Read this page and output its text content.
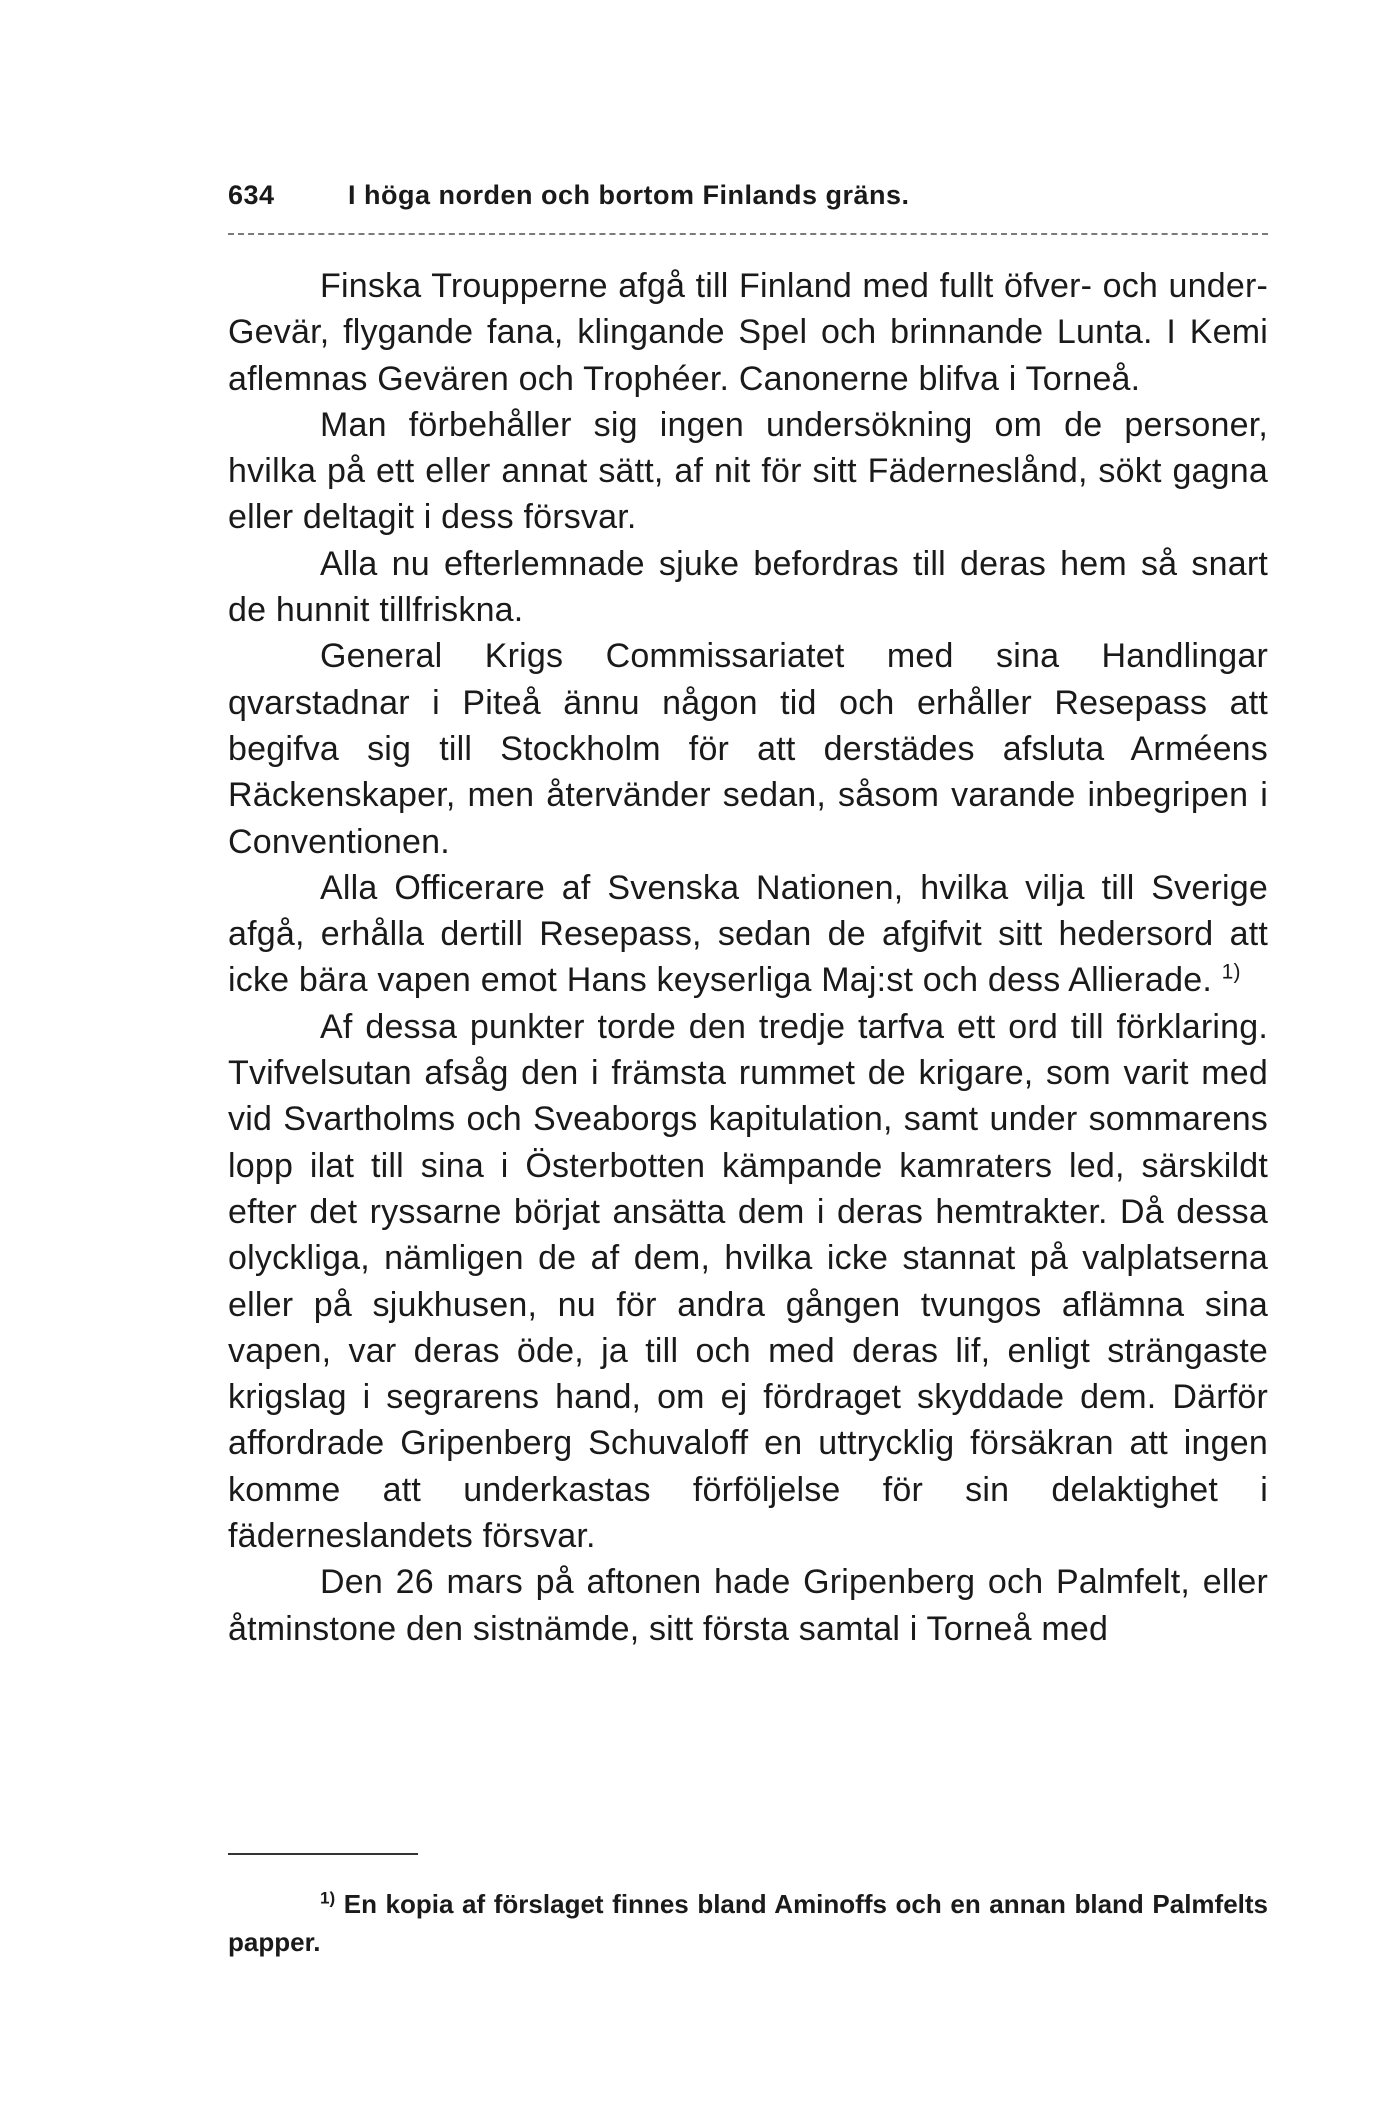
634	I höga norden och bortom Finlands gräns.

Finska Troupperne afgå till Finland med fullt öfver- och under-Gevär, flygande fana, klingande Spel och brinnande Lunta. I Kemi aflemnas Gevären och Trophéer. Canonerne blifva i Torneå.

Man förbehåller sig ingen undersökning om de personer, hvilka på ett eller annat sätt, af nit för sitt Fäderneslånd, sökt gagna eller deltagit i dess försvar.

Alla nu efterlemnade sjuke befordras till deras hem så snart de hunnit tillfriskna.

General Krigs Commissariatet med sina Handlingar qvarstadnar i Piteå ännu någon tid och erhåller Resepass att begifva sig till Stockholm för att derstädes afsluta Arméens Räckenskaper, men återvänder sedan, såsom varande inbegripen i Conventionen.

Alla Officerare af Svenska Nationen, hvilka vilja till Sverige afgå, erhålla dertill Resepass, sedan de afgifvit sitt hedersord att icke bära vapen emot Hans keyserliga Maj:st och dess Allierade. $^{1)}$

Af dessa punkter torde den tredje tarfva ett ord till förklaring. Tvifvelsutan afsåg den i främsta rummet de krigare, som varit med vid Svartholms och Sveaborgs kapitulation, samt under sommarens lopp ilat till sina i Österbotten kämpande kamraters led, särskildt efter det ryssarne börjat ansätta dem i deras hemtrakter. Då dessa olyckliga, nämligen de af dem, hvilka icke stannat på valplatserna eller på sjukhusen, nu för andra gången tvungos aflämna sina vapen, var deras öde, ja till och med deras lif, enligt strängaste krigslag i segrarens hand, om ej fördraget skyddade dem. Därför affordrade Gripenberg Schuvaloff en uttrycklig försäkran att ingen komme att underkastas förföljelse för sin delaktighet i fäderneslandets försvar.

Den 26 mars på aftonen hade Gripenberg och Palmfelt, eller åtminstone den sistnämde, sitt första samtal i Torneå med

$^{1)}$ En kopia af förslaget finnes bland Aminoffs och en annan bland Palmfelts papper.
